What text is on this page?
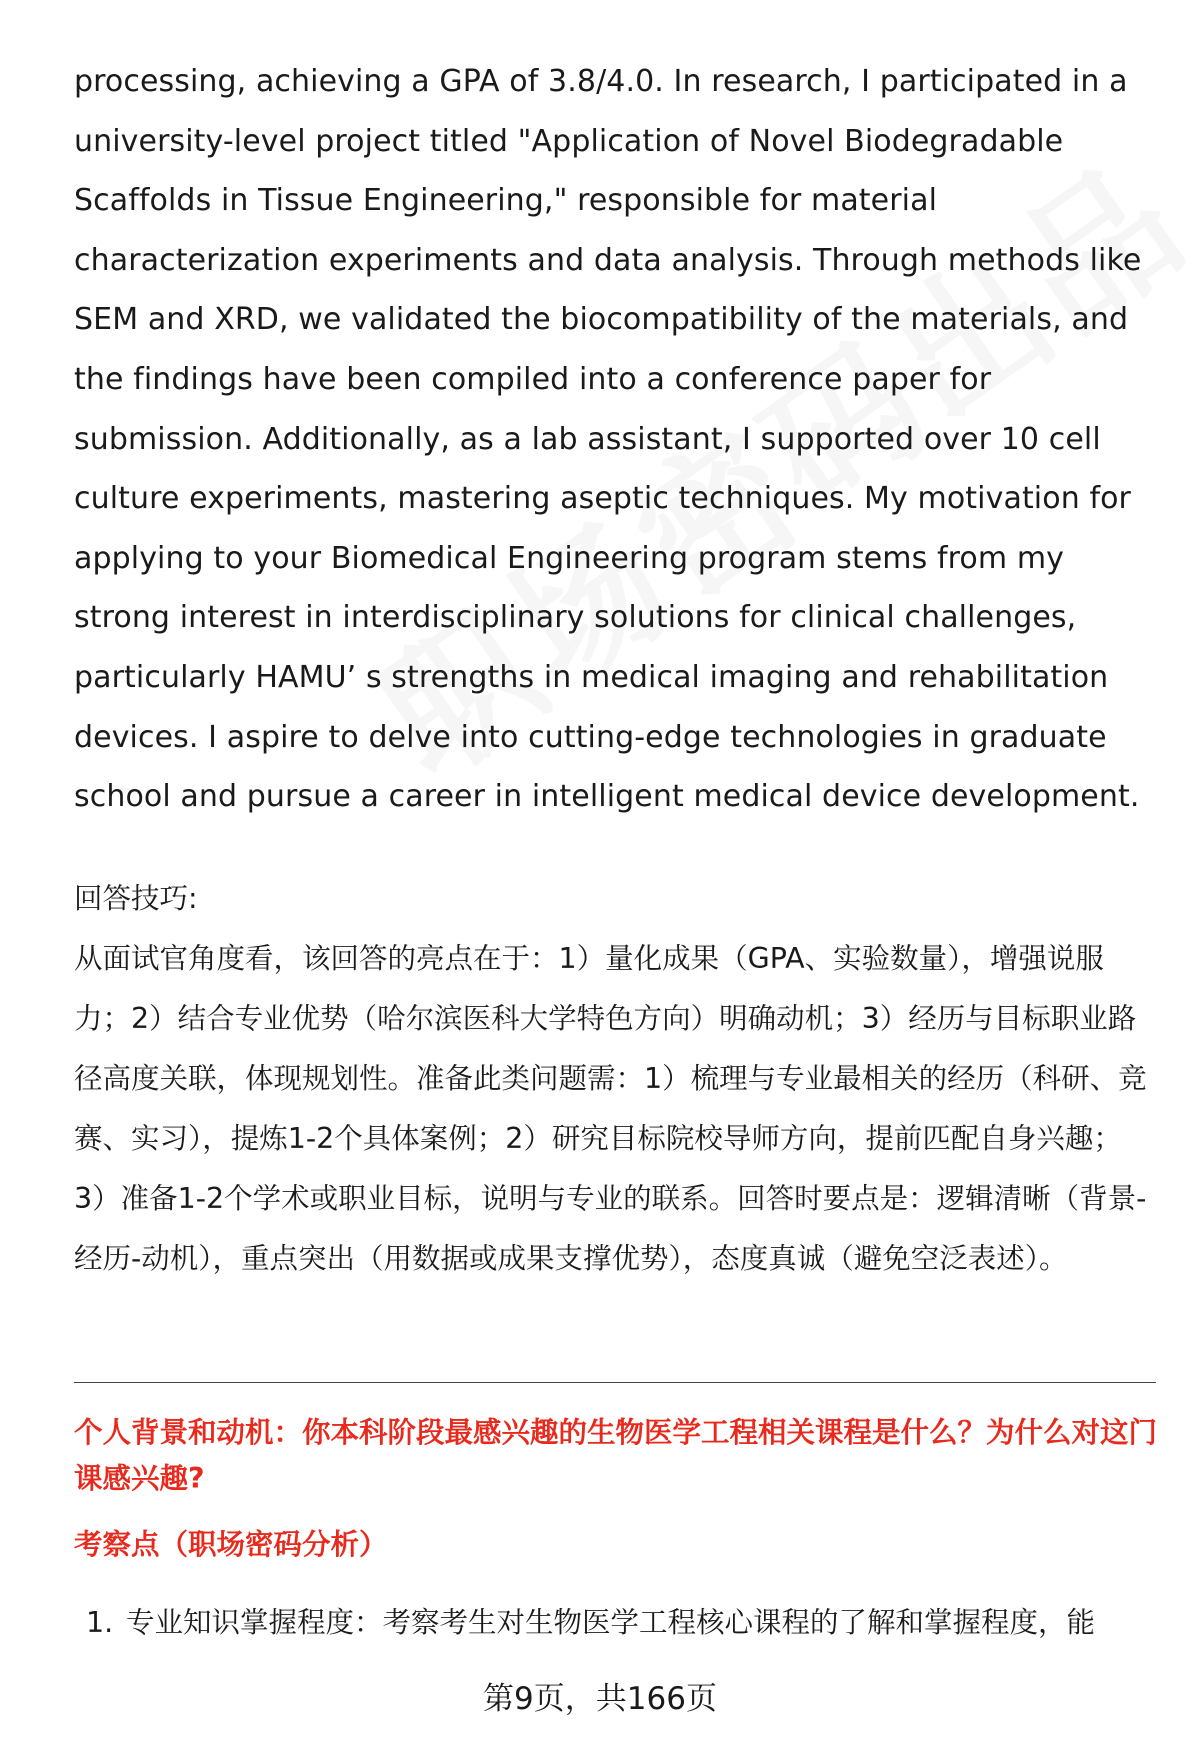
processing, achieving a GPA of 3.8/4.0. In research, I participated in a university-level project titled "Application of Novel Biodegradable Scaffolds in Tissue Engineering," responsible for material characterization experiments and data analysis. Through methods like SEM and XRD, we validated the biocompatibility of the materials, and the findings have been compiled into a conference paper for submission. Additionally, as a lab assistant, I supported over 10 cell culture experiments, mastering aseptic techniques. My motivation for applying to your Biomedical Engineering program stems from my strong interest in interdisciplinary solutions for clinical challenges, particularly HAMU’ s strengths in medical imaging and rehabilitation devices. I aspire to delve into cutting-edge technologies in graduate school and pursue a career in intelligent medical device development.

回答技巧:

从面试官角度看，该回答的亮点在于：1）量化成果（GPA、实验数量），增强说服力；2）结合专业优势（哈尔滨医科大学特色方向）明确动机；3）经历与目标职业路径高度关联，体现规划性。准备此类问题需：1）梳理与专业最相关的经历（科研、竞赛、实习），提炼1-2个具体案例；2）研究目标院校导师方向，提前匹配自身兴趣；3）准备1-2个学术或职业目标，说明与专业的联系。回答时要点是：逻辑清晰（背景-经历-动机），重点突出（用数据或成果支撑优势），态度真诚（避免空泛表述）。

个人背景和动机：你本科阶段最感兴趣的生物医学工程相关课程是什么？为什么对这门课感兴趣?
考察点（职场密码分析）

1. 专业知识掌握程度：考察考生对生物医学工程核心课程的了解和掌握程度，能

第9页，共166页
